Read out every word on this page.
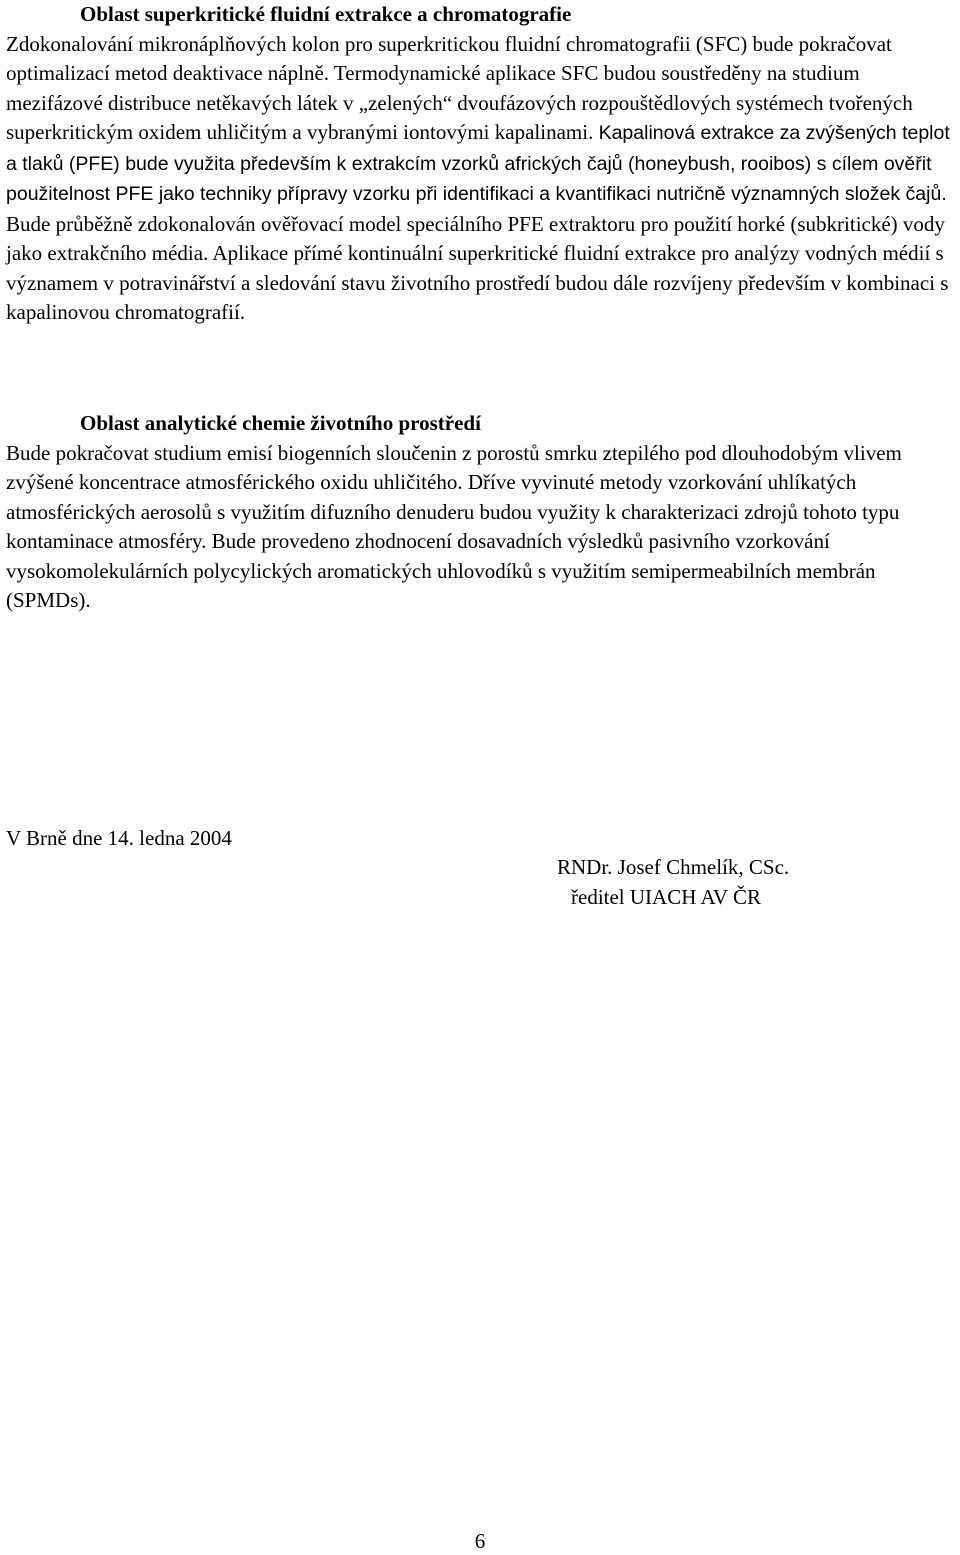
Oblast superkritické fluidní extrakce a chromatografie

Zdokonalování mikronáplňových kolon pro superkritickou fluidní chromatografii (SFC) bude pokračovat optimalizací metod deaktivace náplně. Termodynamické aplikace SFC budou soustředěny na studium mezifázové distribuce netěkavých látek v „zelených“ dvoufázových rozpouštědlových systémech tvořených superkritickým oxidem uhličitým a vybranými iontovými kapalinami. Kapalinová extrakce za zvýšených teplot a tlaků (PFE) bude využita především k extrakcím vzorků afrických čajů (honeybush, rooibos) s cílem ověřit použitelnost PFE jako techniky přípravy vzorku při identifikaci a kvantifikaci nutričně významných složek čajů. Bude průběžně zdokonalován ověřovací model speciálního PFE extraktoru pro použití horké (subkritické) vody jako extrakčního média. Aplikace přímé kontinuální superkritické fluidní extrakce pro analýzy vodných médií s významem v potravinářství a sledování stavu životního prostředí budou dále rozvíjeny především v kombinaci s kapalinovou chromatografií.

Oblast analytické chemie životního prostředí

Bude pokračovat studium emisí biogenních sloučenin z porostů smrku ztepilého pod dlouhodobým vlivem zvýšené koncentrace atmosférického oxidu uhličitého. Dříve vyvinuté metody vzorkování uhlíkatých atmosférických aerosolů s využitím difuzního denuderu budou využity k charakterizaci zdrojů tohoto typu kontaminace atmosféry. Bude provedeno zhodnocení dosavadních výsledků pasivního vzorkování vysokomolekulárních polycylických aromatických uhlovodíků s využitím semipermeabilních membrán (SPMDs).

V Brně dne 14. ledna 2004
RNDr. Josef Chmelík, CSc.
ředitel UIACH AV ČR
6
